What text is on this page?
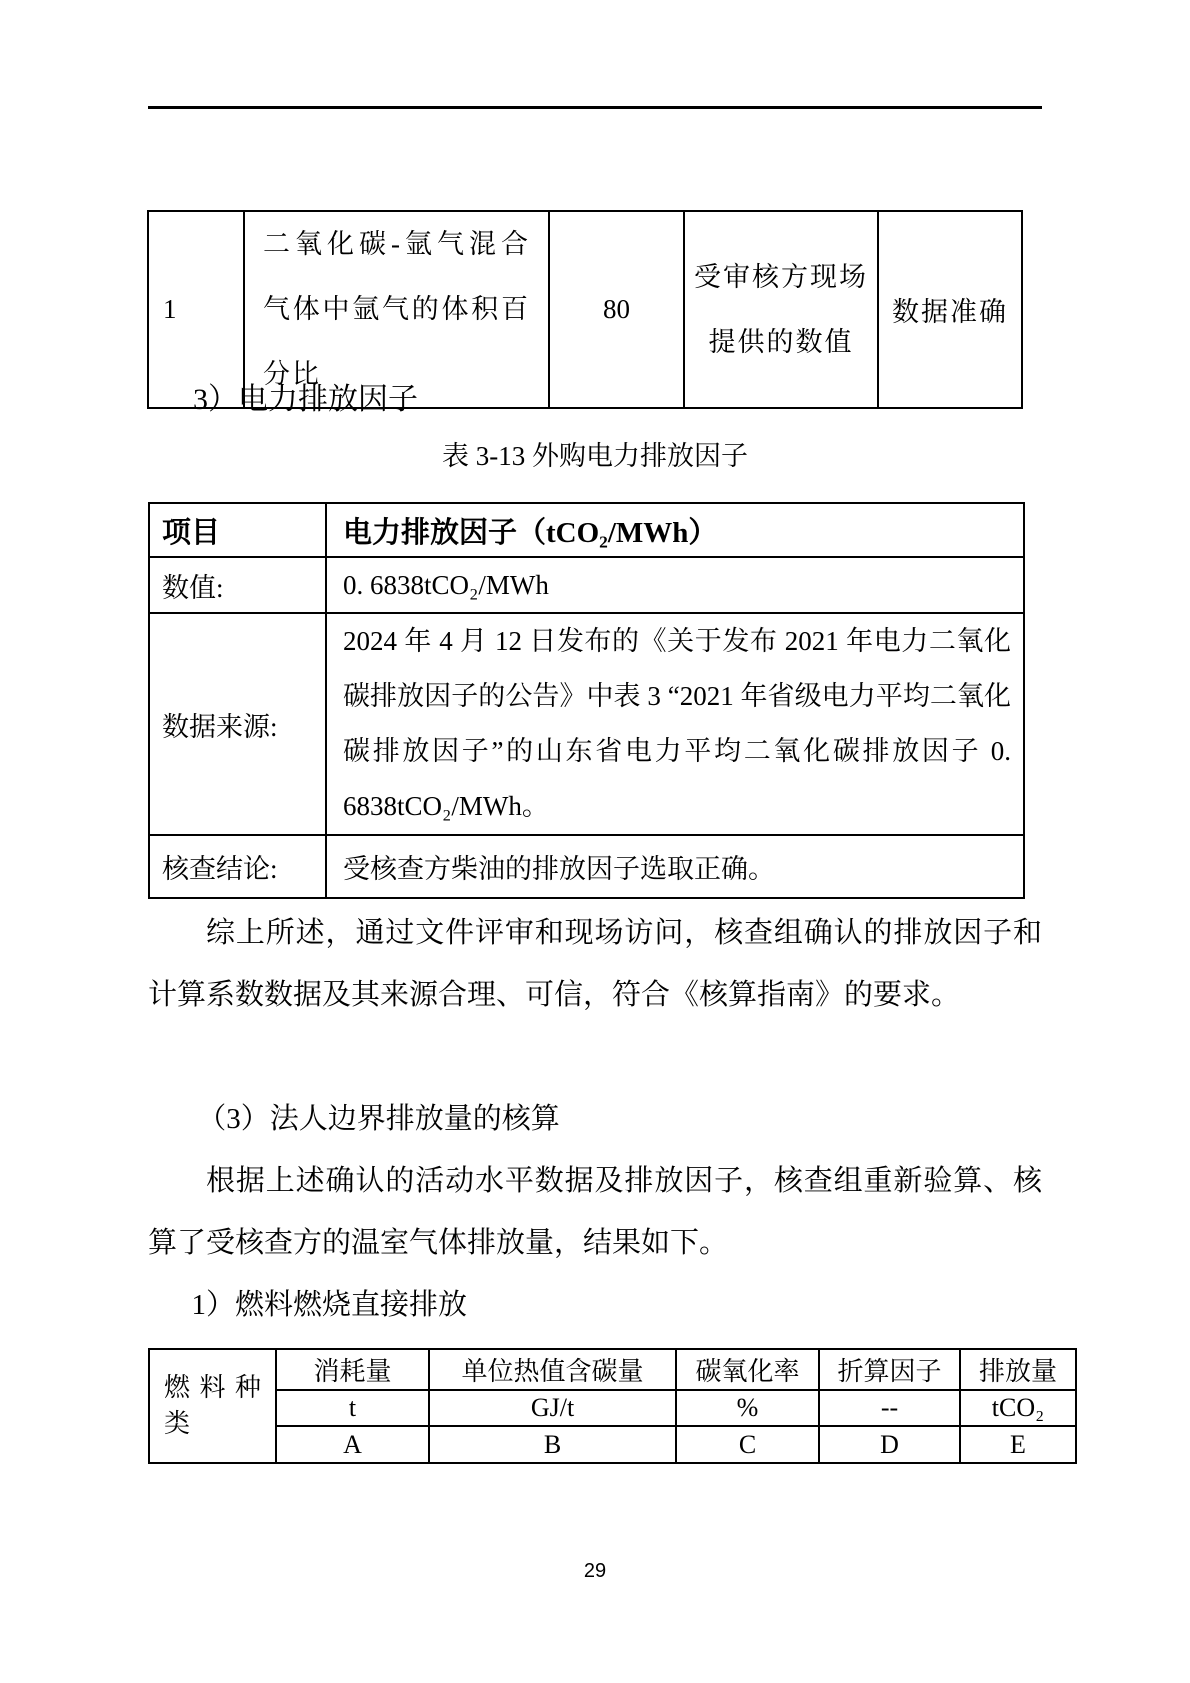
1	二氧化碳-氩气混合气体中氩气的体积百分比	80	受审核方现场提供的数值	数据准确
3）电力排放因子
表 3-13 外购电力排放因子
项目	电力排放因子（tCO₂/MWh）
数值:	0. 6838tCO₂/MWh
数据来源:	2024 年 4 月 12 日发布的《关于发布 2021 年电力二氧化碳排放因子的公告》中表 3 “2021 年省级电力平均二氧化碳排放因子”的山东省电力平均二氧化碳排放因子 0. 6838tCO₂/MWh。
核查结论:	受核查方柴油的排放因子选取正确。
综上所述，通过文件评审和现场访问，核查组确认的排放因子和计算系数数据及其来源合理、可信，符合《核算指南》的要求。
（3）法人边界排放量的核算
根据上述确认的活动水平数据及排放因子，核查组重新验算、核算了受核查方的温室气体排放量，结果如下。
1）燃料燃烧直接排放
燃料种类	消耗量	单位热值含碳量	碳氧化率	折算因子	排放量
	t	GJ/t	%	--	tCO₂
	A	B	C	D	E
29
